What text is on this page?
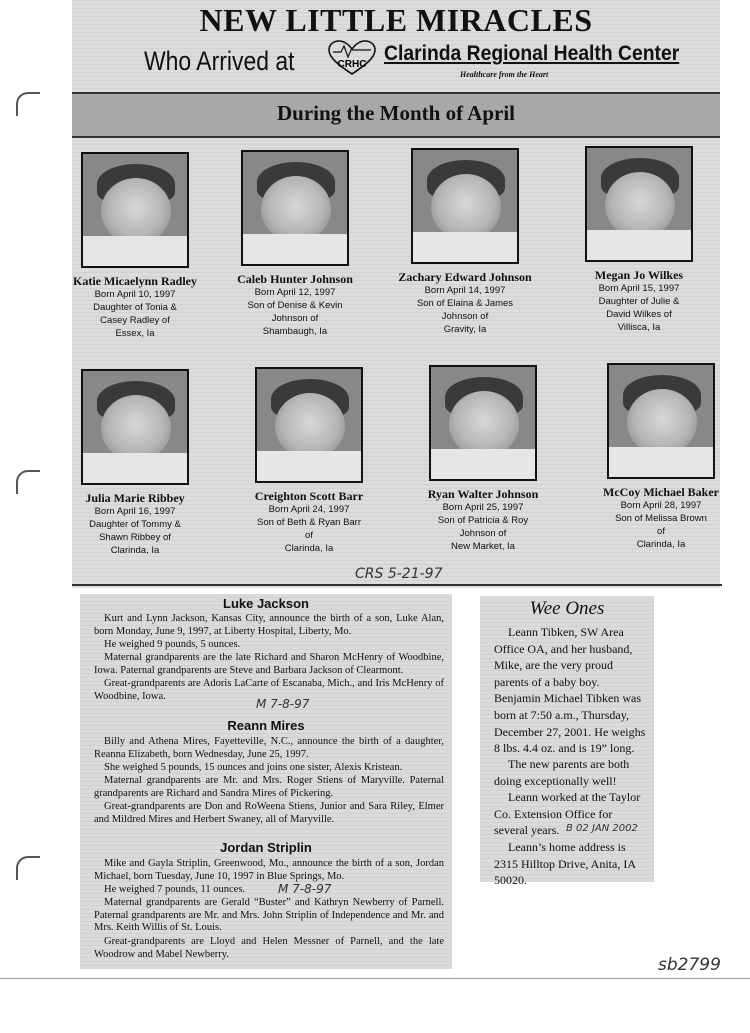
NEW LITTLE MIRACLES
Who Arrived at	CRHC Clarinda Regional Health Center
Healthcare from the Heart
During the Month of April
Katie Micaelynn Radley
Born April 10, 1997
Daughter of Tonia &
Casey Radley of
Essex, Ia
Caleb Hunter Johnson
Born April 12, 1997
Son of Denise & Kevin
Johnson of
Shambaugh, Ia
Zachary Edward Johnson
Born April 14, 1997
Son of Elaina & James
Johnson of
Gravity, Ia
Megan Jo Wilkes
Born April 15, 1997
Daughter of Julie &
David Wilkes of
Villisca, Ia
Julia Marie Ribbey
Born April 16, 1997
Daughter of Tommy &
Shawn Ribbey of
Clarinda, Ia
Creighton Scott Barr
Born April 24, 1997
Son of Beth & Ryan Barr
of
Clarinda, Ia
Ryan Walter Johnson
Born April 25, 1997
Son of Patricia & Roy
Johnson of
New Market, Ia
McCoy Michael Baker
Born April 28, 1997
Son of Melissa Brown
of
Clarinda, Ia
CRS 5-21-97
Luke Jackson
Kurt and Lynn Jackson, Kansas City, announce the birth of a son, Luke Alan, born Monday, June 9, 1997, at Liberty Hospital, Liberty, Mo.
He weighed 9 pounds, 5 ounces.
Maternal grandparents are the late Richard and Sharon McHenry of Woodbine, Iowa. Paternal grandparents are Steve and Barbara Jackson of Clearmont.
Great-grandparents are Adoris LaCarte of Escanaba, Mich., and Iris McHenry of Woodbine, Iowa.
M 7-8-97
Reann Mires
Billy and Athena Mires, Fayetteville, N.C., announce the birth of a daughter, Reanna Elizabeth, born Wednesday, June 25, 1997.
She weighed 5 pounds, 15 ounces and joins one sister, Alexis Kristean.
Maternal grandparents are Mr. and Mrs. Roger Stiens of Maryville. Paternal grandparents are Richard and Sandra Mires of Pickering.
Great-grandparents are Don and RoWeena Stiens, Junior and Sara Riley, Elmer and Mildred Mires and Herbert Swaney, all of Maryville.
Jordan Striplin
Mike and Gayla Striplin, Greenwood, Mo., announce the birth of a son, Jordan Michael, born Tuesday, June 10, 1997 in Blue Springs, Mo.
He weighed 7 pounds, 11 ounces.	M 7-8-97
Maternal grandparents are Gerald “Buster” and Kathryn Newberry of Parnell. Paternal grandparents are Mr. and Mrs. John Striplin of Independence and Mr. and Mrs. Keith Willis of St. Louis.
Great-grandparents are Lloyd and Helen Messner of Parnell, and the late Woodrow and Mabel Newberry.
Wee Ones
Leann Tibken, SW Area Office OA, and her husband, Mike, are the very proud parents of a baby boy. Benjamin Michael Tibken was born at 7:50 a.m., Thursday, December 27, 2001. He weighs 8 lbs. 4.4 oz. and is 19” long.
The new parents are both doing exceptionally well!
Leann worked at the Taylor Co. Extension Office for several years. B 02 JAN 2002
Leann’s home address is 2315 Hilltop Drive, Anita, IA 50020.
sb2799
